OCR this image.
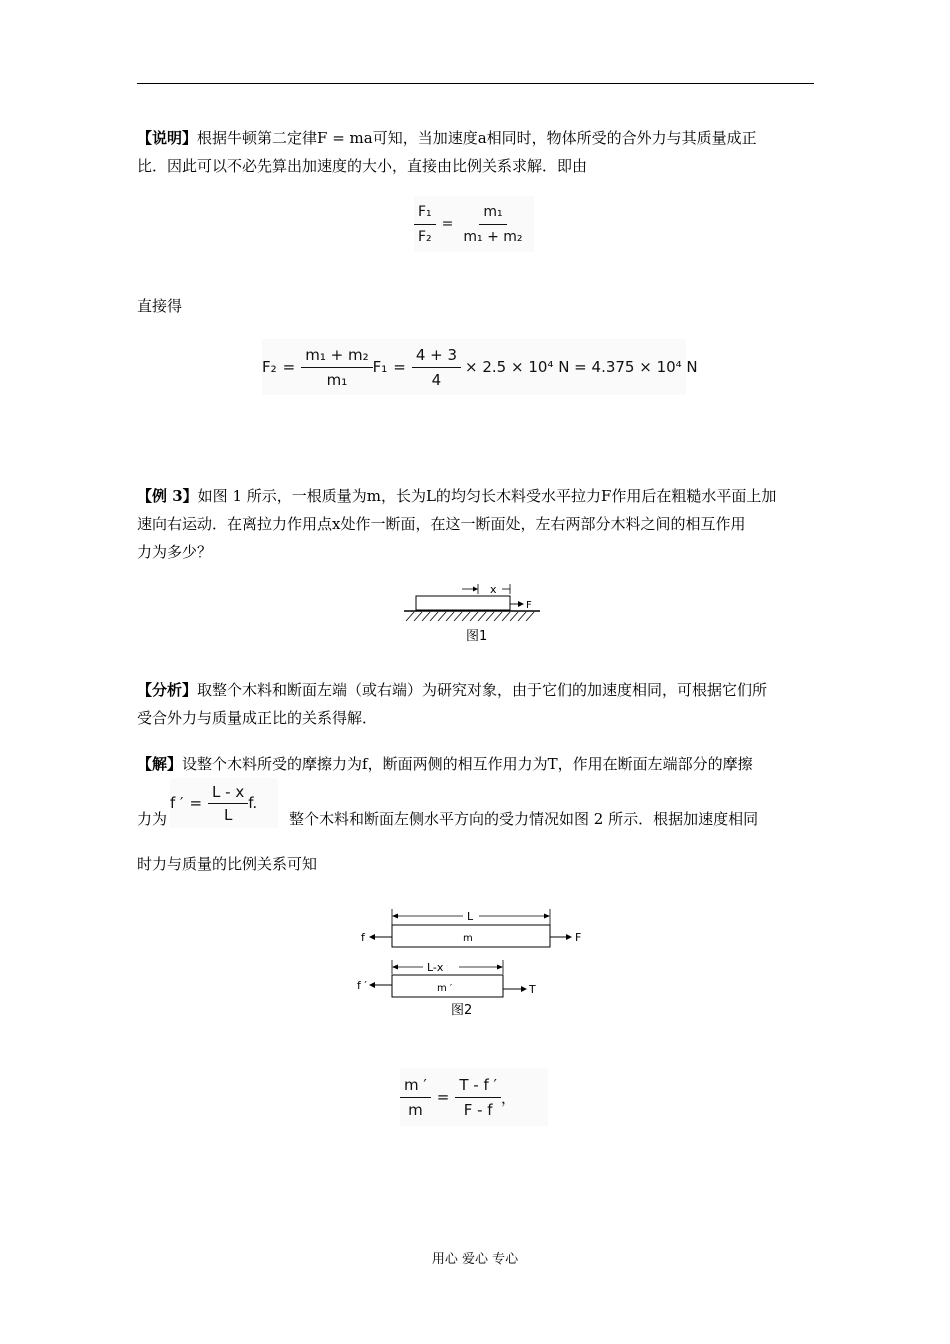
【说明】根据牛顿第二定律F = ma可知，当加速度a相同时，物体所受的合外力与其质量成正
比．因此可以不必先算出加速度的大小，直接由比例关系求解．即由

$\frac{\text{F₁}}{\text{F₂}} = \frac{\text{m₁}}{\text{m₁ + m₂}}$

直接得

$F_2 = \frac{\text{m₁ + m₂}}{\text{m₁}} F_1 = \frac{4 + 3}{4} \times 2.5 \times 10^4$ N = 4.375 × 10⁴ N

【例 3】如图 1 所示，一根质量为m，长为L的均匀长木料受水平拉力F作用后在粗糙水平面上加
速向右运动．在离拉力作用点x处作一断面，在这一断面处，左右两部分木料之间的相互作用
力为多少？

x
F
图1

【分析】取整个木料和断面左端（或右端）为研究对象，由于它们的加速度相同，可根据它们所
受合外力与质量成正比的关系得解．

【解】设整个木料所受的摩擦力为f，断面两侧的相互作用力为T，作用在断面左端部分的摩擦

力为

f ′ = $\frac{L - x}{L} f$.

整个木料和断面左侧水平方向的受力情况如图 2 所示．根据加速度相同

时力与质量的比例关系可知

L
m
f	F
L-x
m ′
f ′	T
图2
$\frac{m '}{m} = \frac{T - f '}{F - f}$ ，
用心 爱心 专心
